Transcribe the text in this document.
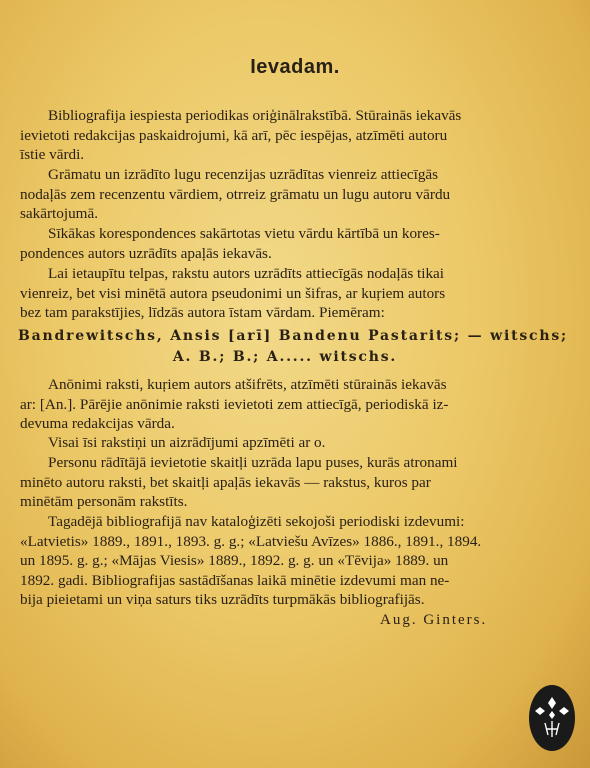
Ievadam.
Bibliografija iespiesta periodikas oriģinālrakstībā. Stūrainās iekavās
ievietoti redakcijas paskaidrojumi, kā arī, pēc iespējas, atzīmēti autoru
īstie vārdi.
Grāmatu un izrādīto lugu recenzijas uzrādītas vienreiz attiecīgās
nodaļās zem recenzentu vārdiem, otrreiz grāmatu un lugu autoru vārdu
sakārtojumā.
Sīkākas korespondences sakārtotas vietu vārdu kārtībā un kores-
pondences autors uzrādīts apaļās iekavās.
Lai ietaupītu telpas, rakstu autors uzrādīts attiecīgās nodaļās tikai
vienreiz, bet visi minētā autora pseudonimi un šifras, ar kuŗiem autors
bez tam parakstījies, līdzās autora īstam vārdam. Piemēram:
Bandrewitschs, Ansis [arī] Bandenu Pastarits; — witschs;
A. B.; B.; A..... witschs.
Anōnimi raksti, kuŗiem autors atšifrēts, atzīmēti stūrainās iekavās
ar: [An.]. Pārējie anōnimie raksti ievietoti zem attiecīgā, periodiskā iz-
devuma redakcijas vārda.
Visai īsi rakstiņi un aizrādījumi apzīmēti ar o.
Personu rādītājā ievietotie skaitļi uzrāda lapu puses, kurās atronami
minēto autoru raksti, bet skaitļi apaļās iekavās — rakstus, kuros par
minētām personām rakstīts.
Tagadējā bibliografijā nav kataloģizēti sekojoši periodiski izdevumi:
«Latvietis» 1889., 1891., 1893. g. g.; «Latviešu Avīzes» 1886., 1891., 1894.
un 1895. g. g.; «Mājas Viesis» 1889., 1892. g. g. un «Tēvija» 1889. un
1892. gadi. Bibliografijas sastādīšanas laikā minētie izdevumi man ne-
bija pieietami un viņa saturs tiks uzrādīts turpmākās bibliografijās.
Aug. Ginters.
